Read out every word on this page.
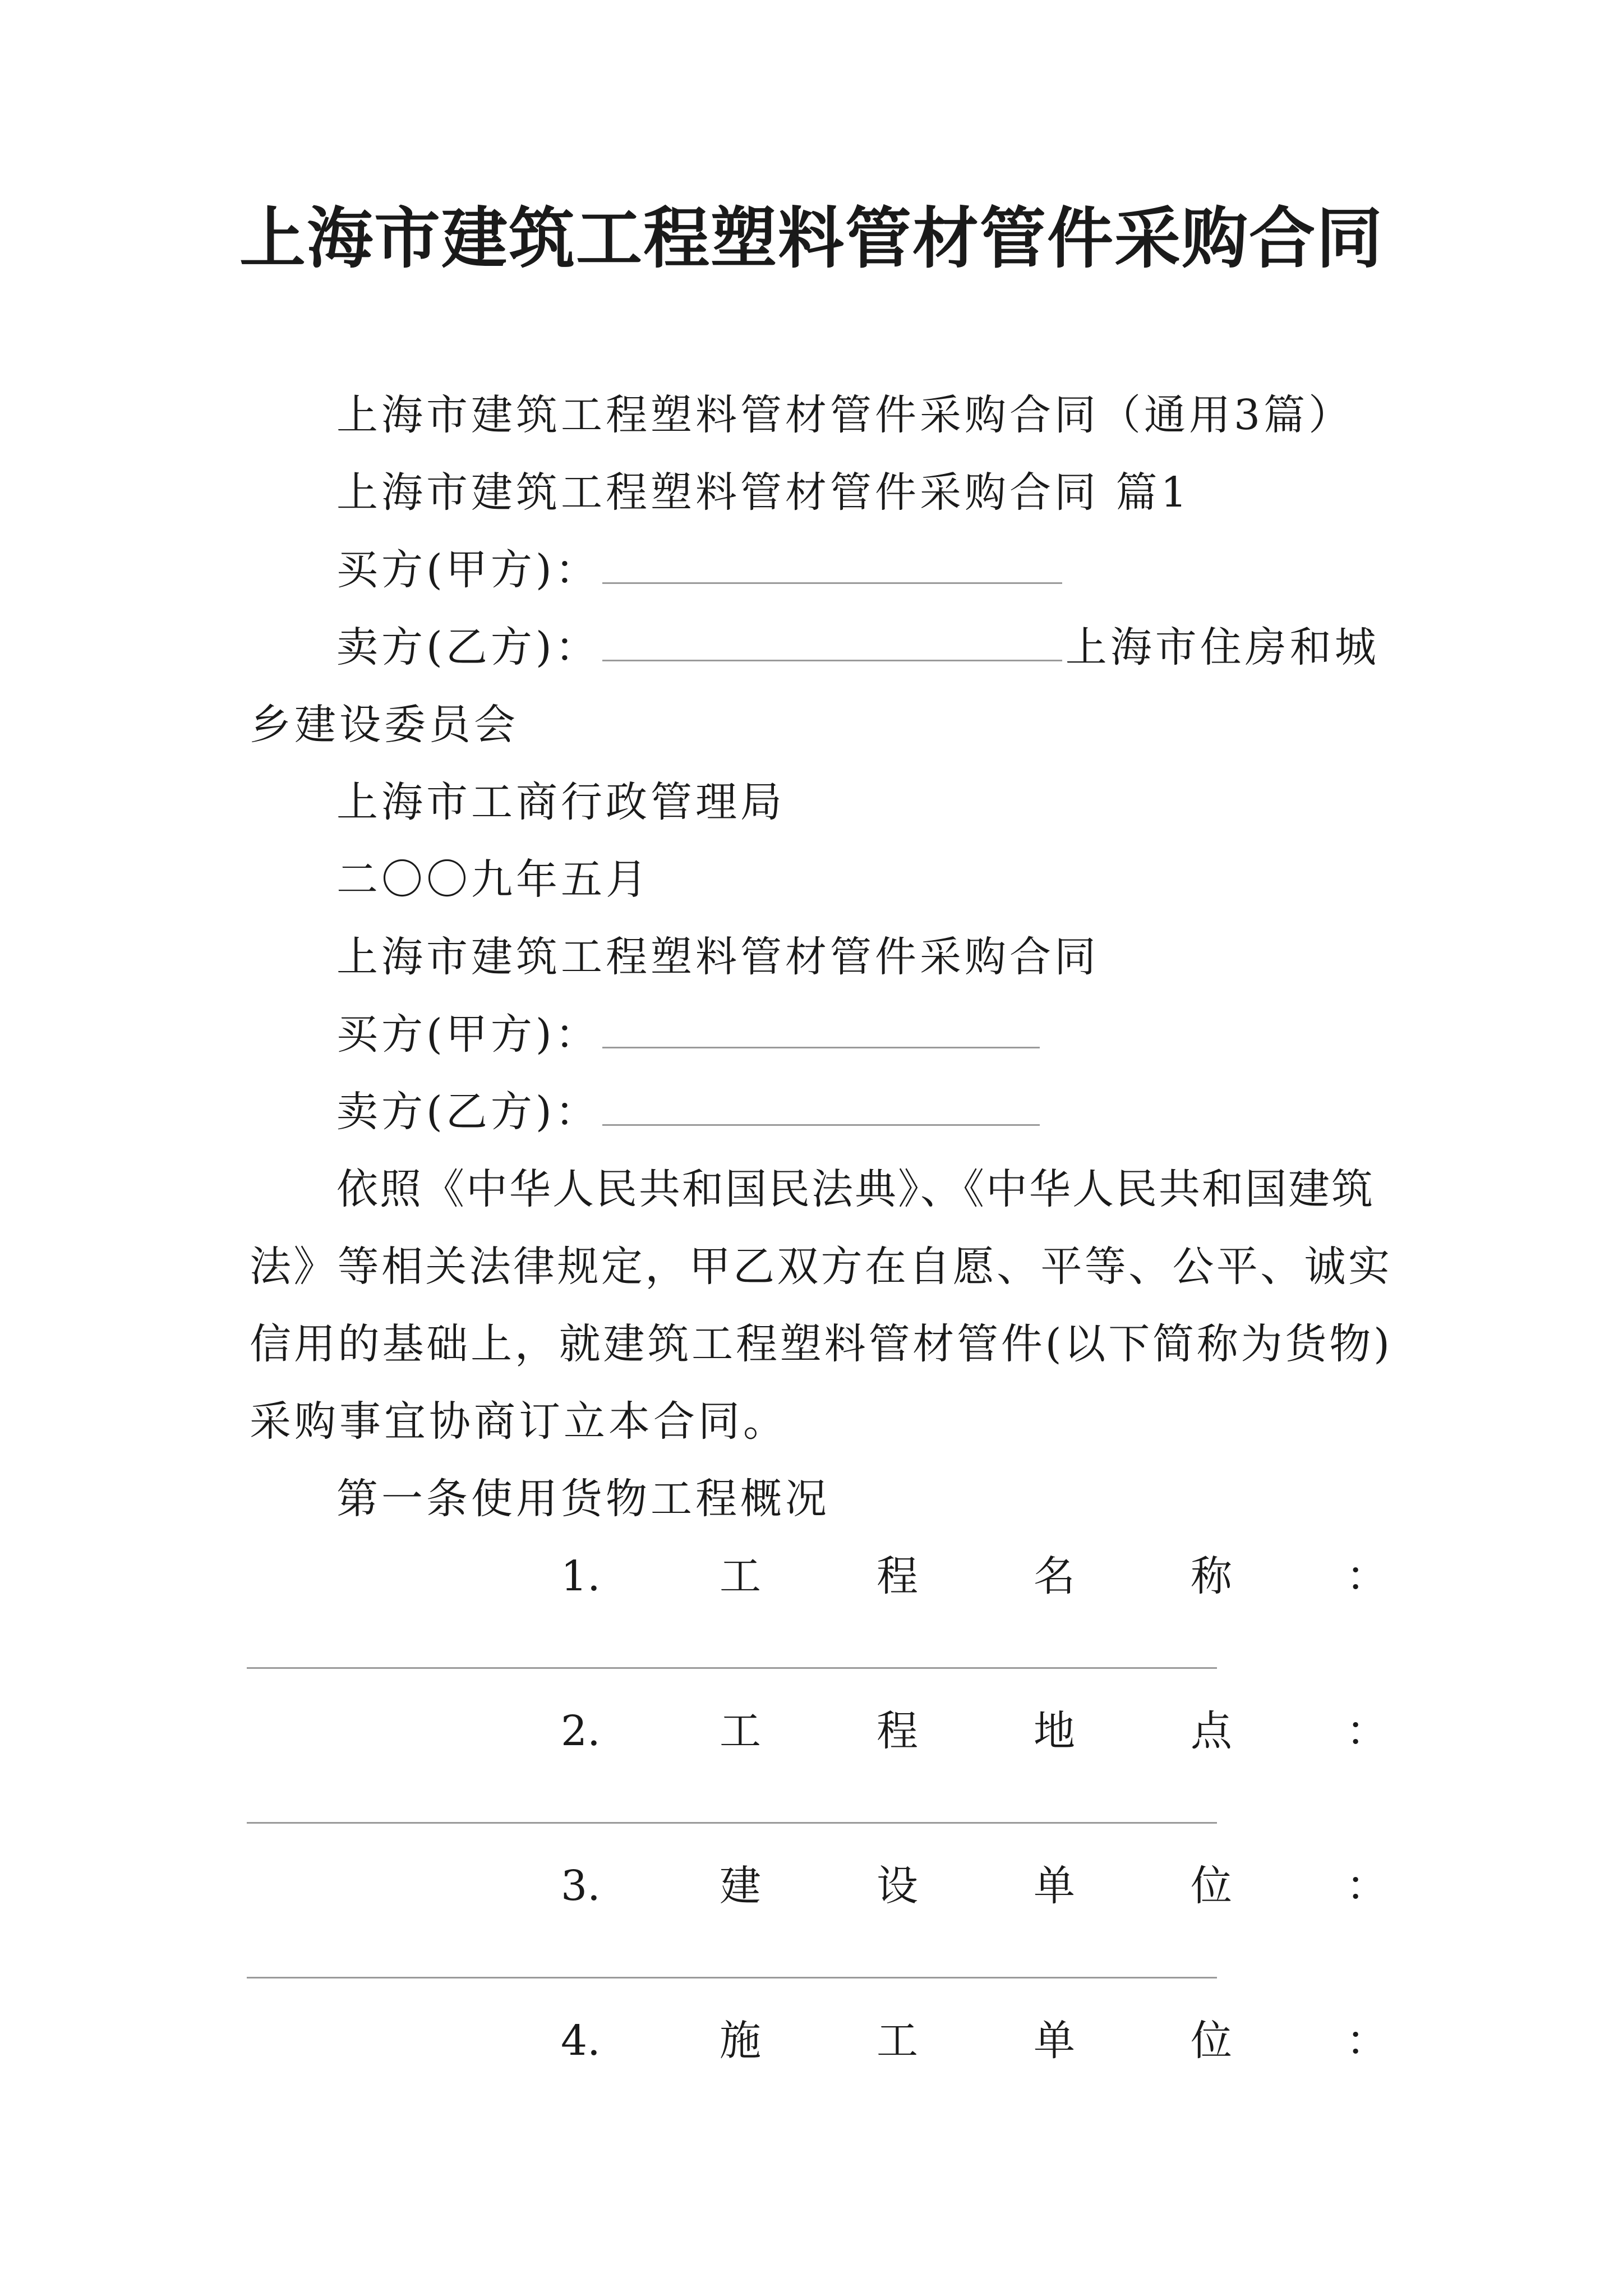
上海市建筑工程塑料管材管件采购合同
上海市建筑工程塑料管材管件采购合同（通用3篇）
上海市建筑工程塑料管材管件采购合同 篇1
买方(甲方)：
卖方(乙方)：	上海市住房和城
乡建设委员会
上海市工商行政管理局
二〇〇九年五月
上海市建筑工程塑料管材管件采购合同
买方(甲方)：
卖方(乙方)：
依照《中华人民共和国民法典》、《中华人民共和国建筑
法》等相关法律规定，甲乙双方在自愿、平等、公平、诚实
信用的基础上，就建筑工程塑料管材管件(以下简称为货物)
采购事宜协商订立本合同。
第一条使用货物工程概况
1.	工	程	名	称	：
2.	工	程	地	点	：
3.	建	设	单	位	：
4.	施	工	单	位	：
